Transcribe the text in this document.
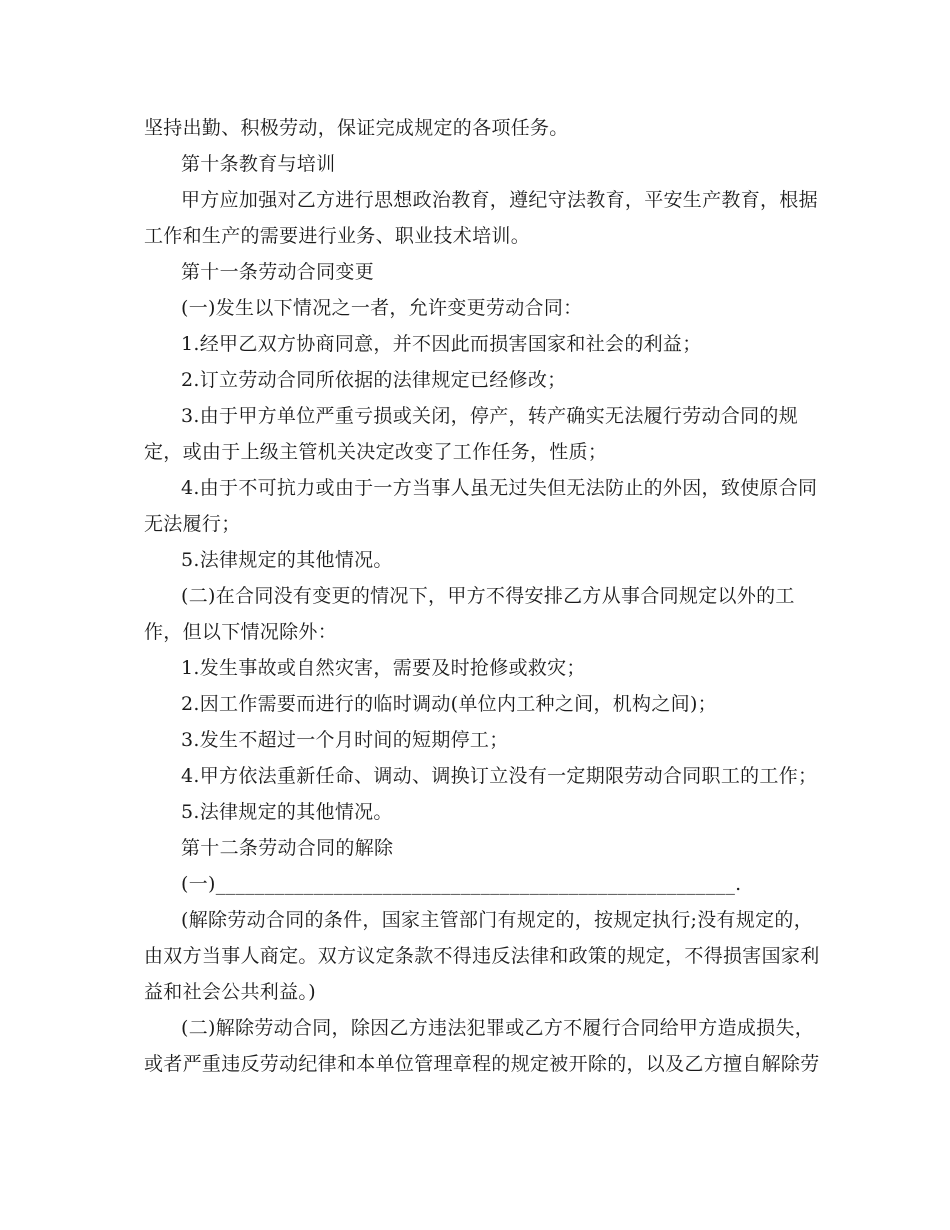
坚持出勤、积极劳动，保证完成规定的各项任务。
第十条教育与培训
甲方应加强对乙方进行思想政治教育，遵纪守法教育，平安生产教育，根据
工作和生产的需要进行业务、职业技术培训。
第十一条劳动合同变更
(一)发生以下情况之一者，允许变更劳动合同：
1.经甲乙双方协商同意，并不因此而损害国家和社会的利益；
2.订立劳动合同所依据的法律规定已经修改；
3.由于甲方单位严重亏损或关闭，停产，转产确实无法履行劳动合同的规
定，或由于上级主管机关决定改变了工作任务，性质；
4.由于不可抗力或由于一方当事人虽无过失但无法防止的外因，致使原合同
无法履行；
5.法律规定的其他情况。
(二)在合同没有变更的情况下，甲方不得安排乙方从事合同规定以外的工
作，但以下情况除外：
1.发生事故或自然灾害，需要及时抢修或救灾；
2.因工作需要而进行的临时调动(单位内工种之间，机构之间)；
3.发生不超过一个月时间的短期停工；
4.甲方依法重新任命、调动、调换订立没有一定期限劳动合同职工的工作；
5.法律规定的其他情况。
第十二条劳动合同的解除
(一)_____________________________________________________.
(解除劳动合同的条件，国家主管部门有规定的，按规定执行;没有规定的，
由双方当事人商定。双方议定条款不得违反法律和政策的规定，不得损害国家利
益和社会公共利益。)
(二)解除劳动合同，除因乙方违法犯罪或乙方不履行合同给甲方造成损失，
或者严重违反劳动纪律和本单位管理章程的规定被开除的，以及乙方擅自解除劳
